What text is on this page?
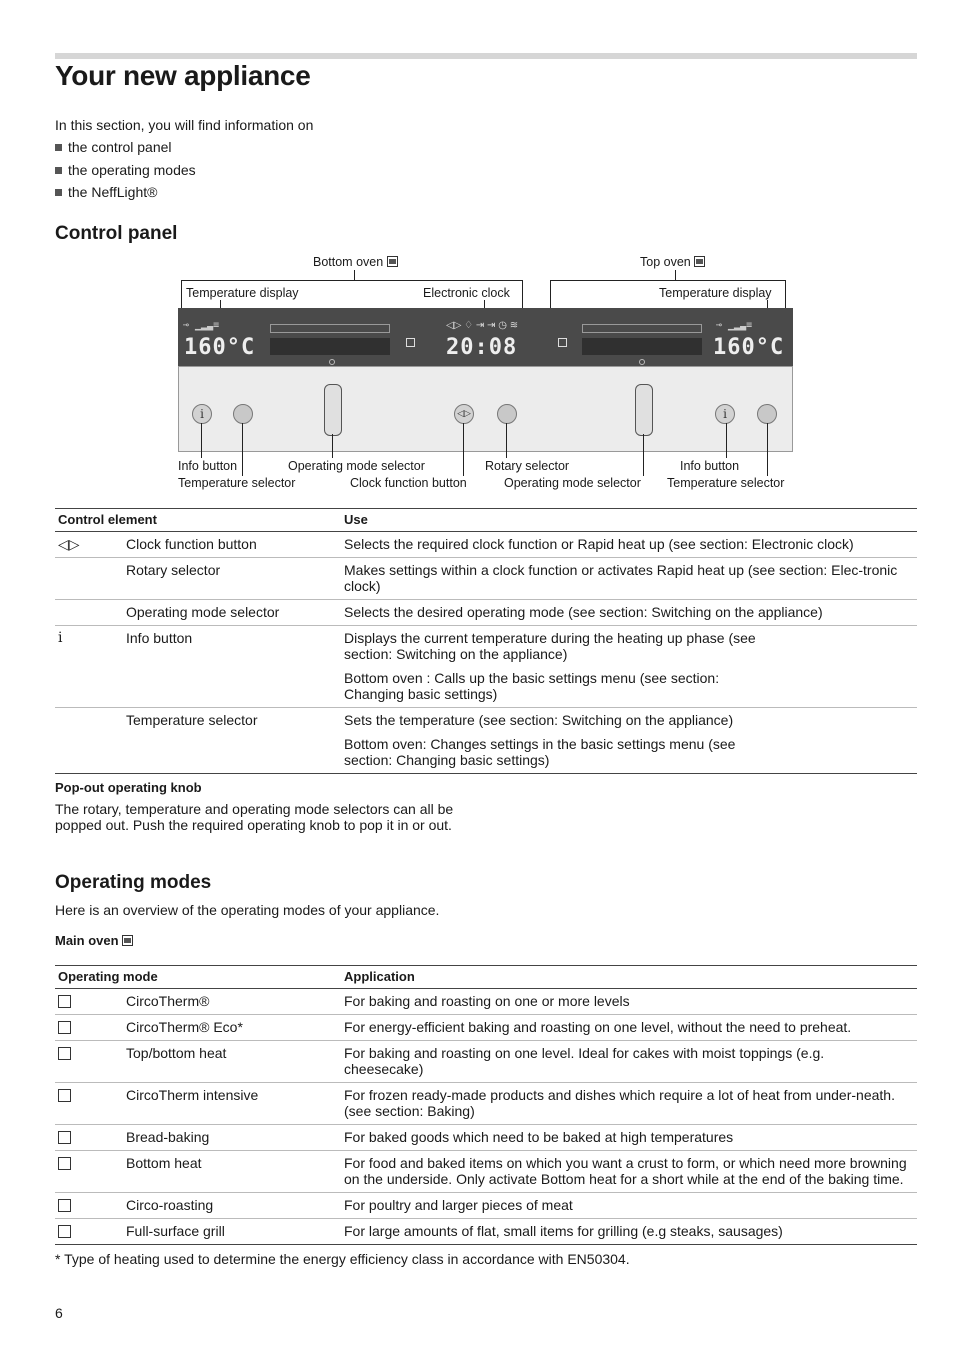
Your new appliance
In this section, you will find information on
the control panel
the operating modes
the NeffLight®
Control panel
Bottom oven	Top oven
Temperature display	Electronic clock	Temperature display
⊸ ▁▂▃≡
160°C
◁▷ ♢ ⇥ ⇥ ◷ ≋
20:08
⊸ ▁▂▃≡
160°C
i	◁▷	i
Info button
Temperature selector
Operating mode selector
Clock function button
Rotary selector
Operating mode selector
Info button
Temperature selector
Control element		Use
◁▷	Clock function button	Selects the required clock function or Rapid heat up (see section: Electronic clock)
	Rotary selector	Makes settings within a clock function or activates Rapid heat up (see section: Elec-tronic clock)
	Operating mode selector	Selects the desired operating mode (see section: Switching on the appliance)
i	Info button	Displays the current temperature during the heating up phase (see section: Switching on the appliance)
Bottom oven : Calls up the basic settings menu (see section: Changing basic settings)

	Temperature selector	Sets the temperature (see section: Switching on the appliance)
Bottom oven: Changes settings in the basic settings menu (see section: Changing basic settings)
Pop-out operating knob
The rotary, temperature and operating mode selectors can all be popped out. Push the required operating knob to pop it in or out.
Operating modes
Here is an overview of the operating modes of your appliance.
Main oven
Operating mode		Application
	CircoTherm®	For baking and roasting on one or more levels
	CircoTherm® Eco*	For energy-efficient baking and roasting on one level, without the need to preheat.
	Top/bottom heat	For baking and roasting on one level. Ideal for cakes with moist toppings (e.g. cheesecake)

	CircoTherm intensive	For frozen ready-made products and dishes which require a lot of heat from under-neath. (see section: Baking)
	Bread-baking	For baked goods which need to be baked at high temperatures
	Bottom heat	For food and baked items on which you want a crust to form, or which need more browning on the underside. Only activate Bottom heat for a short while at the end of the baking time.
	Circo-roasting	For poultry and larger pieces of meat
	Full-surface grill	For large amounts of flat, small items for grilling (e.g steaks, sausages)
* Type of heating used to determine the energy efficiency class in accordance with EN50304.
6
